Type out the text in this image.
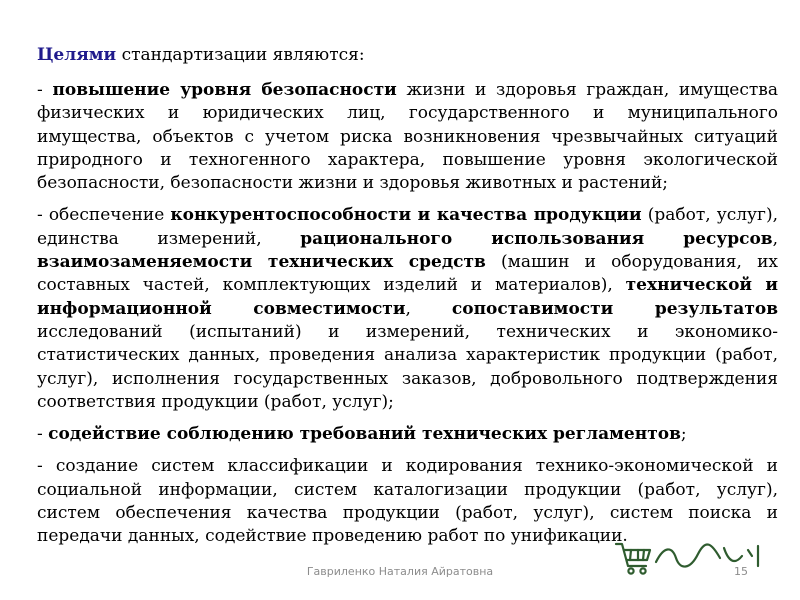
Целями стандартизации являются:

- повышение уровня безопасности жизни и здоровья граждан, имущества физических и юридических лиц, государственного и муниципального имущества, объектов с учетом риска возникновения чрезвычайных ситуаций природного и техногенного характера, повышение уровня экологической безопасности, безопасности жизни и здоровья животных и растений;

- обеспечение конкурентоспособности и качества продукции (работ, услуг), единства измерений, рационального использования ресурсов, взаимозаменяемости технических средств (машин и оборудования, их составных частей, комплектующих изделий и материалов), технической и информационной совместимости, сопоставимости результатов исследований (испытаний) и измерений, технических и экономико-статистических данных, проведения анализа характеристик продукции (работ, услуг), исполнения государственных заказов, добровольного подтверждения соответствия продукции (работ, услуг);

- содействие соблюдению требований технических регламентов;

- создание систем классификации и кодирования технико-экономической и социальной информации, систем каталогизации продукции (работ, услуг), систем обеспечения качества продукции (работ, услуг), систем поиска и передачи данных, содействие проведению работ по унификации.

Гавриленко Наталия Айратовна	15
